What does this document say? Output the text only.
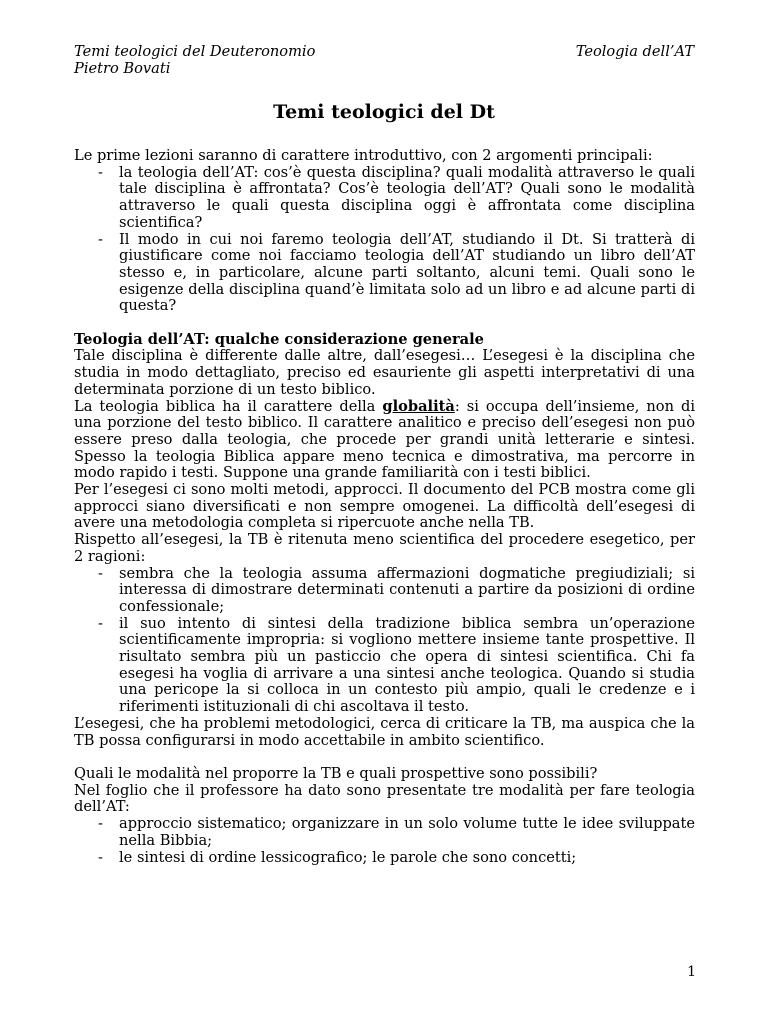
Temi teologici del Deuteronomio	Teologia dell’AT
Pietro Bovati
Temi teologici del Dt

Le prime lezioni saranno di carattere introduttivo, con 2 argomenti principali:

- la teologia dell’AT: cos’è questa disciplina? quali modalità attraverso le quali tale disciplina è affrontata? Cos’è teologia dell’AT? Quali sono le modalità attraverso le quali questa disciplina oggi è affrontata come disciplina scientifica?
- Il modo in cui noi faremo teologia dell’AT, studiando il Dt. Si tratterà di giustificare come noi facciamo teologia dell’AT studiando un libro dell’AT stesso e, in particolare, alcune parti soltanto, alcuni temi. Quali sono le esigenze della disciplina quand’è limitata solo ad un libro e ad alcune parti di questa?

Teologia dell’AT: qualche considerazione generale

Tale disciplina è differente dalle altre, dall’esegesi… L’esegesi è la disciplina che studia in modo dettagliato, preciso ed esauriente gli aspetti interpretativi di una determinata porzione di un testo biblico.

La teologia biblica ha il carattere della globalità: si occupa dell’insieme, non di una porzione del testo biblico. Il carattere analitico e preciso dell’esegesi non può essere preso dalla teologia, che procede per grandi unità letterarie e sintesi. Spesso la teologia Biblica appare meno tecnica e dimostrativa, ma percorre in modo rapido i testi. Suppone una grande familiarità con i testi biblici.

Per l’esegesi ci sono molti metodi, approcci. Il documento del PCB mostra come gli approcci siano diversificati e non sempre omogenei. La difficoltà dell’esegesi di avere una metodologia completa si ripercuote anche nella TB.

Rispetto all’esegesi, la TB è ritenuta meno scientifica del procedere esegetico, per 2 ragioni:

- sembra che la teologia assuma affermazioni dogmatiche pregiudiziali; si interessa di dimostrare determinati contenuti a partire da posizioni di ordine confessionale;
- il suo intento di sintesi della tradizione biblica sembra un’operazione scientificamente impropria: si vogliono mettere insieme tante prospettive. Il risultato sembra più un pasticcio che opera di sintesi scientifica. Chi fa esegesi ha voglia di arrivare a una sintesi anche teologica. Quando si studia una pericope la si colloca in un contesto più ampio, quali le credenze e i riferimenti istituzionali di chi ascoltava il testo.

L’esegesi, che ha problemi metodologici, cerca di criticare la TB, ma auspica che la TB possa configurarsi in modo accettabile in ambito scientifico.

Quali le modalità nel proporre la TB e quali prospettive sono possibili?

Nel foglio che il professore ha dato sono presentate tre modalità per fare teologia dell’AT:

- approccio sistematico; organizzare in un solo volume tutte le idee sviluppate nella Bibbia;
- le sintesi di ordine lessicografico; le parole che sono concetti;
1
